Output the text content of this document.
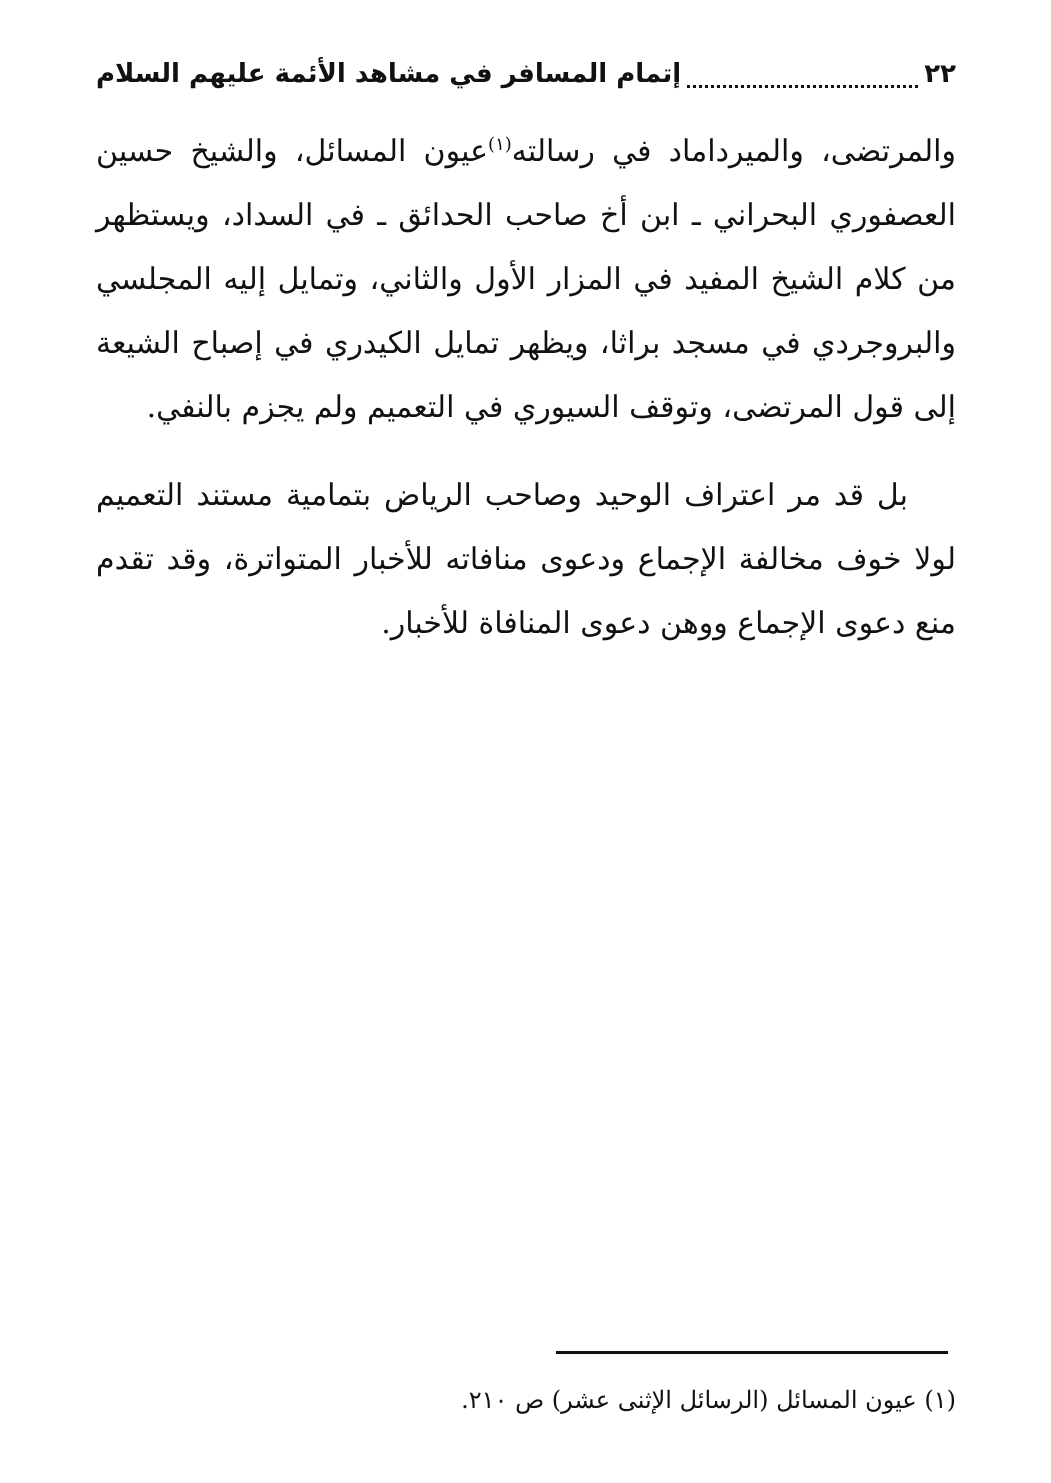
٢٢
إتمام المسافر في مشاهد الأئمة عليهم السلام

والمرتضى، والميرداماد في رسالته$^{(١)}$عيون المسائل، والشيخ حسين العصفوري البحراني ـ ابن أخ صاحب الحدائق ـ في السداد، ويستظهر من كلام الشيخ المفيد في المزار الأول والثاني، وتمايل إليه المجلسي والبروجردي في مسجد براثا، ويظهر تمايل الكيدري في إصباح الشيعة إلى قول المرتضى، وتوقف السيوري في التعميم ولم يجزم بالنفي.

بل قد مر اعتراف الوحيد وصاحب الرياض بتمامية مستند التعميم لولا خوف مخالفة الإجماع ودعوى منافاته للأخبار المتواترة، وقد تقدم منع دعوى الإجماع ووهن دعوى المنافاة للأخبار.

(١) عيون المسائل (الرسائل الإثنى عشر) ص ٢١٠.
